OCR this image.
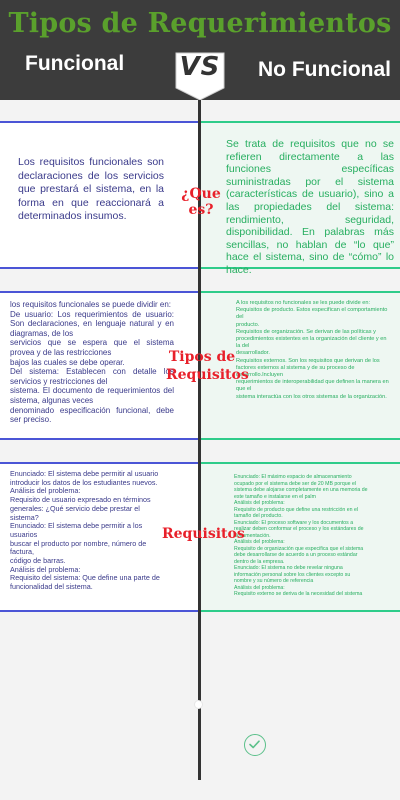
Tipos de Requerimientos
Funcional	No Funcional
VS
Los requisitos funcionales son declaraciones de los servicios que prestará el sistema, en la forma en que reaccionará a determinados insumos.
Se trata de requisitos que no se refieren directamente a las funciones específicas suministradas por el sistema (características de usuario), sino a las propiedades del sistema: rendimiento, seguridad, disponibilidad. En palabras más sencillas, no hablan de “lo que” hace el sistema, sino de “cómo” lo hace.
¿Que es?
los requisitos funcionales se puede dividir en:
De usuario: Los requerimientos de usuario: Son declaraciones, en lenguaje natural y en diagramas, de los
servicios que se espera que el sistema provea y de las restricciones
bajos las cuales se debe operar.
Del sistema: Establecen con detalle los servicios y restricciones del
sistema. El documento de requerimientos del sistema, algunas veces
denominado especificación funcional, debe ser preciso.
A los requisitos no funcionales se les puede divide en:
Requisitos de producto. Estos especifican el comportamiento del
producto.
Requisitos de organización. Se derivan de las políticas y
procedimientos existentes en la organización del cliente y en la del
desarrollador.
Requisitos externos. Son los requisitos que derivan de los
factores externos al sistema y de su proceso de desarrollo.Incluyen
requerimientos de interoperabilidad que definen la manera en que el
sistema interactúa con los otros sistemas de la organización.
Tipos de
Requisitos
Enunciado: El sistema debe permitir al usuario
introducir los datos de los estudiantes nuevos.
Análisis del problema:
Requisito de usuario expresado en términos
generales: ¿Qué servicio debe prestar el sistema?
Enunciado: El sistema debe permitir a los usuarios
buscar el producto por nombre, número de factura,
código de barras.
Análisis del problema:
Requisito del sistema: Que define una parte de
funcionalidad del sistema.
Enunciado: El máximo espacio de almacenamiento
ocupado por el sistema debe ser de 20 MB porque el
sistema debe alojarse completamente en una memoria de
este tamaño e instalarse en el palm
Análisis del problema:
Requisito de producto que define una restricción en el
tamaño del producto.
Enunciado: El proceso software y los documentos a
realizar deben conformar el proceso y los estándares de
documentación.
Análisis del problema:
Requisito de organización que especifica que el sistema
debe desarrollarse de acuerdo a un proceso estándar
dentro de la empresa.
Enunciado: El sistema no debe revelar ninguna
información personal sobre los clientes excepto su
nombre y su número de referencia
Análisis del problema:
Requisito externo se deriva de la necesidad del sistema
Requisitos
